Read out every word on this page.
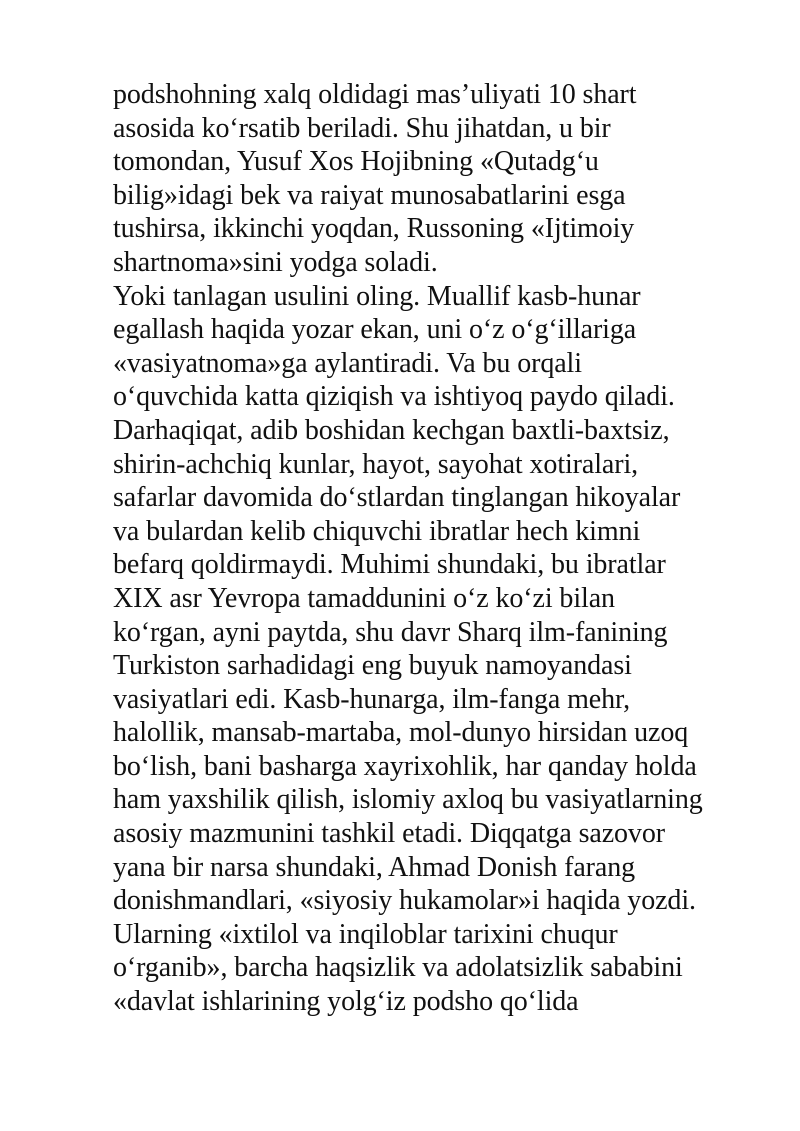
podshohning xalq oldidagi mas’uliyati 10 shart
asosida ko‘rsatib beriladi. Shu jihatdan, u bir
tomondan, Yusuf Xos Hojibning «Qutadg‘u
bilig»idagi bek va raiyat munosabatlarini esga
tushirsa, ikkinchi yoqdan, Russoning «Ijtimoiy
shartnoma»sini yodga soladi.
Yoki tanlagan usulini oling. Muallif kasb-hunar
egallash haqida yozar ekan, uni o‘z o‘g‘illariga
«vasiyatnoma»ga aylantiradi. Va bu orqali
o‘quvchida katta qiziqish va ishtiyoq paydo qiladi.
Darhaqiqat, adib boshidan kechgan baxtli-baxtsiz,
shirin-achchiq kunlar, hayot, sayohat xotiralari,
safarlar davomida do‘stlardan tinglangan hikoyalar
va bulardan kelib chiquvchi ibratlar hech kimni
befarq qoldirmaydi. Muhimi shundaki, bu ibratlar
XIX asr Yevropa tamaddunini o‘z ko‘zi bilan
ko‘rgan, ayni paytda, shu davr Sharq ilm-fanining
Turkiston sarhadidagi eng buyuk namoyandasi
vasiyatlari edi. Kasb-hunarga, ilm-fanga mehr,
halollik, mansab-martaba, mol-dunyo hirsidan uzoq
bo‘lish, bani basharga xayrixohlik, har qanday holda
ham yaxshilik qilish, islomiy axloq bu vasiyatlarning
asosiy mazmunini tashkil etadi. Diqqatga sazovor
yana bir narsa shundaki, Ahmad Donish farang
donishmandlari, «siyosiy hukamolar»i haqida yozdi.
Ularning «ixtilol va inqiloblar tarixini chuqur
o‘rganib», barcha haqsizlik va adolatsizlik sababini
«davlat ishlarining yolg‘iz podsho qo‘lida
